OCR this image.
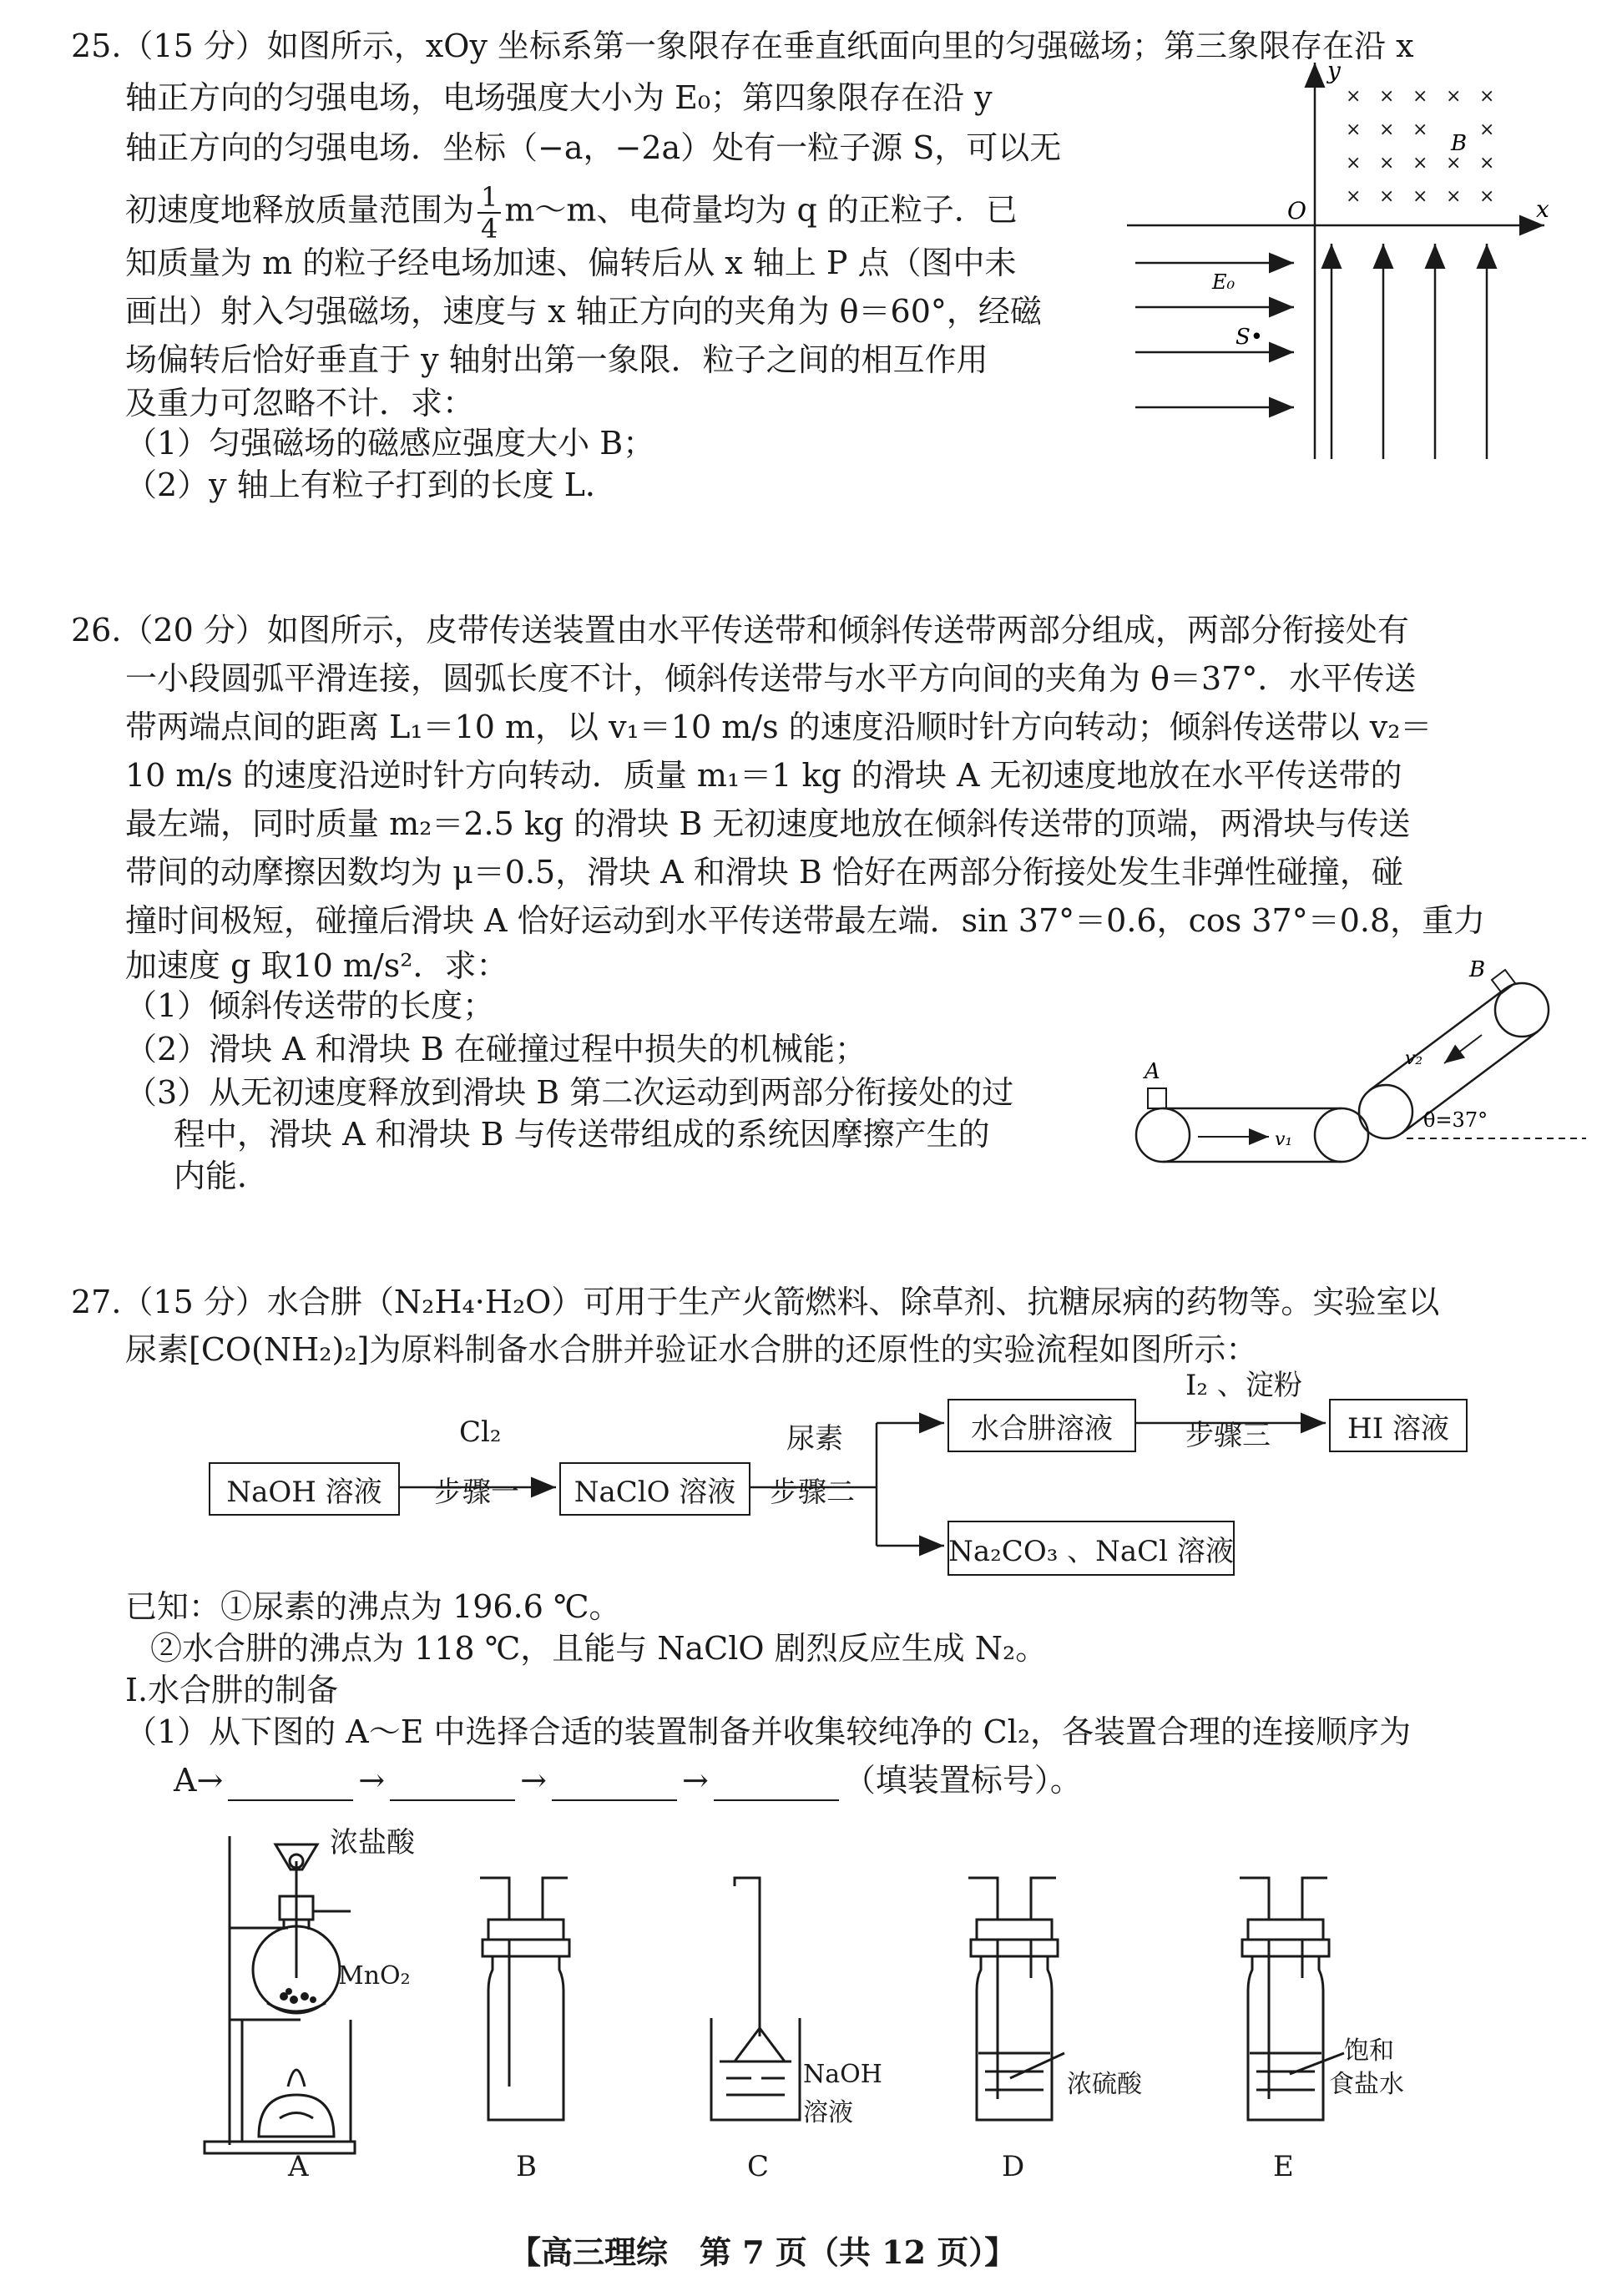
25.（15 分）如图所示，xOy 坐标系第一象限存在垂直纸面向里的匀强磁场；第三象限存在沿 x
轴正方向的匀强电场，电场强度大小为 E₀；第四象限存在沿 y
轴正方向的匀强电场．坐标（−a，−2a）处有一粒子源 S，可以无
初速度地释放质量范围为 $\frac{1}{4}$ m～m、电荷量均为 q 的正粒子．已
知质量为 m 的粒子经电场加速、偏转后从 x 轴上 P 点（图中未
画出）射入匀强磁场，速度与 x 轴正方向的夹角为 θ＝60°，经磁
场偏转后恰好垂直于 y 轴射出第一象限．粒子之间的相互作用
及重力可忽略不计．求：
（1）匀强磁场的磁感应强度大小 B；
（2）y 轴上有粒子打到的长度 L．
× × × × ×
× × ×	×
× × × × ×
× × × × ×
y
x
O
B
E₀
S•
26.（20 分）如图所示，皮带传送装置由水平传送带和倾斜传送带两部分组成，两部分衔接处有
一小段圆弧平滑连接，圆弧长度不计，倾斜传送带与水平方向间的夹角为 θ＝37°．水平传送
带两端点间的距离 L₁＝10 m，以 v₁＝10 m/s 的速度沿顺时针方向转动；倾斜传送带以 v₂＝
10 m/s 的速度沿逆时针方向转动．质量 m₁＝1 kg 的滑块 A 无初速度地放在水平传送带的
最左端，同时质量 m₂＝2.5 kg 的滑块 B 无初速度地放在倾斜传送带的顶端，两滑块与传送
带间的动摩擦因数均为 μ＝0.5，滑块 A 和滑块 B 恰好在两部分衔接处发生非弹性碰撞，碰
撞时间极短，碰撞后滑块 A 恰好运动到水平传送带最左端．sin 37°＝0.6，cos 37°＝0.8，重力
加速度 g 取10 m/s²．求：
（1）倾斜传送带的长度；
（2）滑块 A 和滑块 B 在碰撞过程中损失的机械能；
（3）从无初速度释放到滑块 B 第二次运动到两部分衔接处的过
程中，滑块 A 和滑块 B 与传送带组成的系统因摩擦产生的
内能．
A
v₁
B
v₂
θ=37°
27.（15 分）水合肼（N₂H₄·H₂O）可用于生产火箭燃料、除草剂、抗糖尿病的药物等。实验室以
尿素[CO(NH₂)₂]为原料制备水合肼并验证水合肼的还原性的实验流程如图所示：
NaOH 溶液
Cl₂
步骤一	NaClO 溶液
尿素
步骤二
水合肼溶液
I₂ 、淀粉
步骤三	HI 溶液
Na₂CO₃ 、NaCl 溶液
已知：①尿素的沸点为 196.6 ℃。
②水合肼的沸点为 118 ℃，且能与 NaClO 剧烈反应生成 N₂。
Ⅰ.水合肼的制备
（1）从下图的 A～E 中选择合适的装置制备并收集较纯净的 Cl₂，各装置合理的连接顺序为
A→	→	→	→	（填装置标号）。
浓盐酸
MnO₂
NaOH
溶液
浓硫酸
饱和
食盐水
A	B	C	D	E
【高三理综　第 7 页（共 12 页）】
